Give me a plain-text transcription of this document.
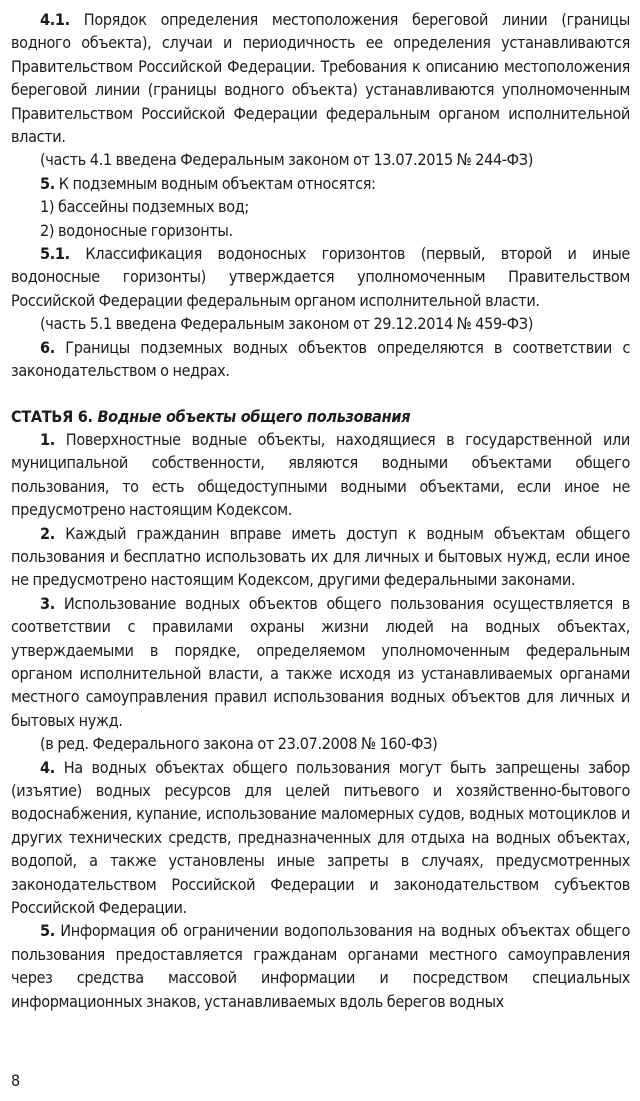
4.1. Порядок определения местоположения береговой линии (границы водного объекта), случаи и периодичность ее определения устанавливаются Правительством Российской Федерации. Требования к описанию местоположения береговой линии (границы водного объекта) устанавливаются уполномоченным Правительством Российской Федерации федеральным органом исполнительной власти.

(часть 4.1 введена Федеральным законом от 13.07.2015 № 244-ФЗ)

5. К подземным водным объектам относятся:

1) бассейны подземных вод;

2) водоносные горизонты.

5.1. Классификация водоносных горизонтов (первый, второй и иные водоносные горизонты) утверждается уполномоченным Правительством Российской Федерации федеральным органом исполнительной власти.

(часть 5.1 введена Федеральным законом от 29.12.2014 № 459-ФЗ)

6. Границы подземных водных объектов определяются в соответствии с законодательством о недрах.

СТАТЬЯ 6. Водные объекты общего пользования

1. Поверхностные водные объекты, находящиеся в государственной или муниципальной собственности, являются водными объектами общего пользования, то есть общедоступными водными объектами, если иное не предусмотрено настоящим Кодексом.

2. Каждый гражданин вправе иметь доступ к водным объектам общего пользования и бесплатно использовать их для личных и бытовых нужд, если иное не предусмотрено настоящим Кодексом, другими федеральными законами.

3. Использование водных объектов общего пользования осуществляется в соответствии с правилами охраны жизни людей на водных объектах, утверждаемыми в порядке, определяемом уполномоченным федеральным органом исполнительной власти, а также исходя из устанавливаемых органами местного самоуправления правил использования водных объектов для личных и бытовых нужд.

(в ред. Федерального закона от 23.07.2008 № 160-ФЗ)

4. На водных объектах общего пользования могут быть запрещены забор (изъятие) водных ресурсов для целей питьевого и хозяйственно-бытового водоснабжения, купание, использование маломерных судов, водных мотоциклов и других технических средств, предназначенных для отдыха на водных объектах, водопой, а также установлены иные запреты в случаях, предусмотренных законодательством Российской Федерации и законодательством субъектов Российской Федерации.

5. Информация об ограничении водопользования на водных объектах общего пользования предоставляется гражданам органами местного самоуправления через средства массовой информации и посредством специальных информационных знаков, устанавливаемых вдоль берегов водных

8
